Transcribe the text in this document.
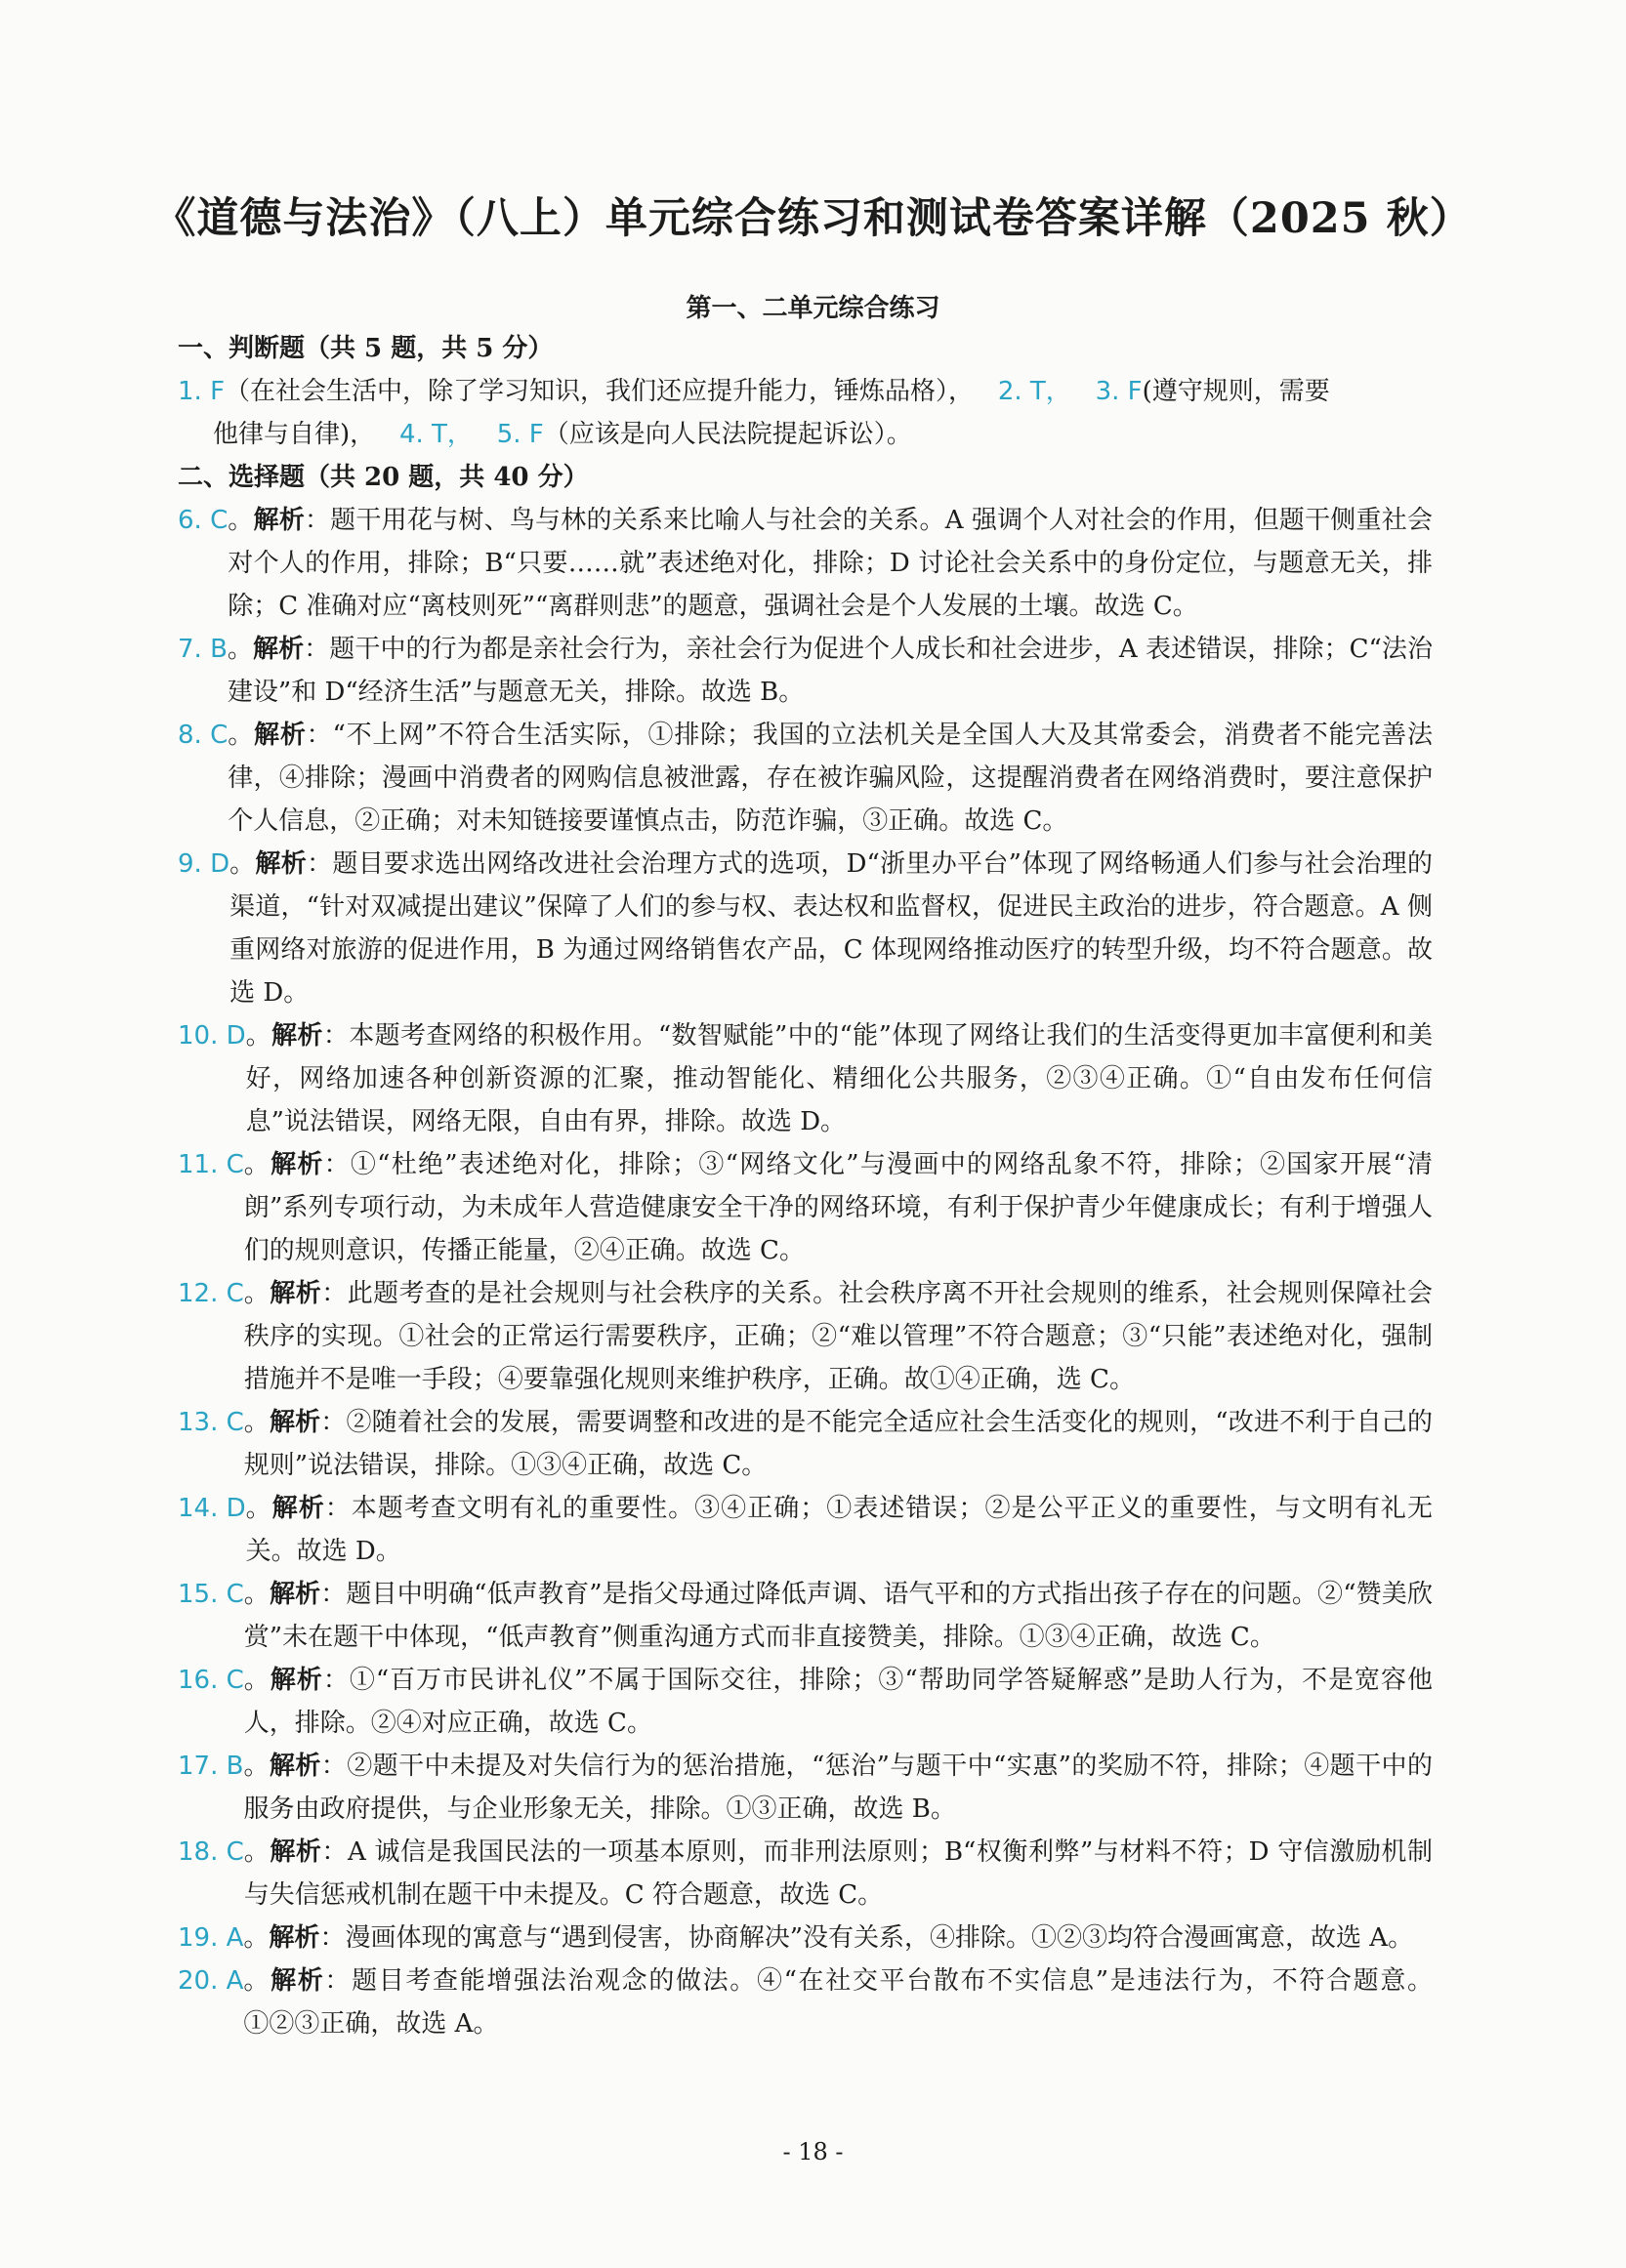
《道德与法治》（八上）单元综合练习和测试卷答案详解（2025 秋）
第一、二单元综合练习
一、判断题（共 5 题，共 5 分）
1. F（在社会生活中，除了学习知识，我们还应提升能力，锤炼品格）， 2. T， 3. F(遵守规则，需要
他律与自律)， 4. T， 5. F（应该是向人民法院提起诉讼）。
二、选择题（共 20 题，共 40 分）
6. C 。解析：题干用花与树、鸟与林的关系来比喻人与社会的关系。A 强调个人对社会的作用，但题干侧重社会对个人的作用，排除；B“只要……就”表述绝对化，排除；D 讨论社会关系中的身份定位，与题意无关，排除；C 准确对应“离枝则死”“离群则悲”的题意，强调社会是个人发展的土壤。故选 C。
7. B 。解析：题干中的行为都是亲社会行为，亲社会行为促进个人成长和社会进步，A 表述错误，排除；C“法治建设”和 D“经济生活”与题意无关，排除。故选 B。
8. C 。解析：“不上网”不符合生活实际，①排除；我国的立法机关是全国人大及其常委会，消费者不能完善法律，④排除；漫画中消费者的网购信息被泄露，存在被诈骗风险，这提醒消费者在网络消费时，要注意保护个人信息，②正确；对未知链接要谨慎点击，防范诈骗，③正确。故选 C。
9. D 。解析：题目要求选出网络改进社会治理方式的选项，D“浙里办平台”体现了网络畅通人们参与社会治理的渠道，“针对双减提出建议”保障了人们的参与权、表达权和监督权，促进民主政治的进步，符合题意。A 侧重网络对旅游的促进作用，B 为通过网络销售农产品，C 体现网络推动医疗的转型升级，均不符合题意。故选 D。
10. D 。解析：本题考查网络的积极作用。“数智赋能”中的“能”体现了网络让我们的生活变得更加丰富便利和美好，网络加速各种创新资源的汇聚，推动智能化、精细化公共服务，②③④正确。①“自由发布任何信息”说法错误，网络无限，自由有界，排除。故选 D。
11. C 。解析：①“杜绝”表述绝对化，排除；③“网络文化”与漫画中的网络乱象不符，排除；②国家开展“清朗”系列专项行动，为未成年人营造健康安全干净的网络环境，有利于保护青少年健康成长；有利于增强人们的规则意识，传播正能量，②④正确。故选 C。
12. C 。解析：此题考查的是社会规则与社会秩序的关系。社会秩序离不开社会规则的维系，社会规则保障社会秩序的实现。①社会的正常运行需要秩序，正确；②“难以管理”不符合题意；③“只能”表述绝对化，强制措施并不是唯一手段；④要靠强化规则来维护秩序，正确。故①④正确，选 C。
13. C 。解析：②随着社会的发展，需要调整和改进的是不能完全适应社会生活变化的规则，“改进不利于自己的规则”说法错误，排除。①③④正确，故选 C。
14. D 。解析：本题考查文明有礼的重要性。③④正确；①表述错误；②是公平正义的重要性，与文明有礼无关。故选 D。
15. C 。解析：题目中明确“低声教育”是指父母通过降低声调、语气平和的方式指出孩子存在的问题。②“赞美欣赏”未在题干中体现，“低声教育”侧重沟通方式而非直接赞美，排除。①③④正确，故选 C。
16. C 。解析：①“百万市民讲礼仪”不属于国际交往，排除；③“帮助同学答疑解惑”是助人行为，不是宽容他人，排除。②④对应正确，故选 C。
17. B 。解析：②题干中未提及对失信行为的惩治措施，“惩治”与题干中“实惠”的奖励不符，排除；④题干中的服务由政府提供，与企业形象无关，排除。①③正确，故选 B。
18. C 。解析：A 诚信是我国民法的一项基本原则，而非刑法原则；B“权衡利弊”与材料不符；D 守信激励机制与失信惩戒机制在题干中未提及。C 符合题意，故选 C。
19. A 。解析：漫画体现的寓意与“遇到侵害，协商解决”没有关系，④排除。①②③均符合漫画寓意，故选 A。
20. A 。解析：题目考查能增强法治观念的做法。④“在社交平台散布不实信息”是违法行为，不符合题意。①②③正确，故选 A。
- 18 -
